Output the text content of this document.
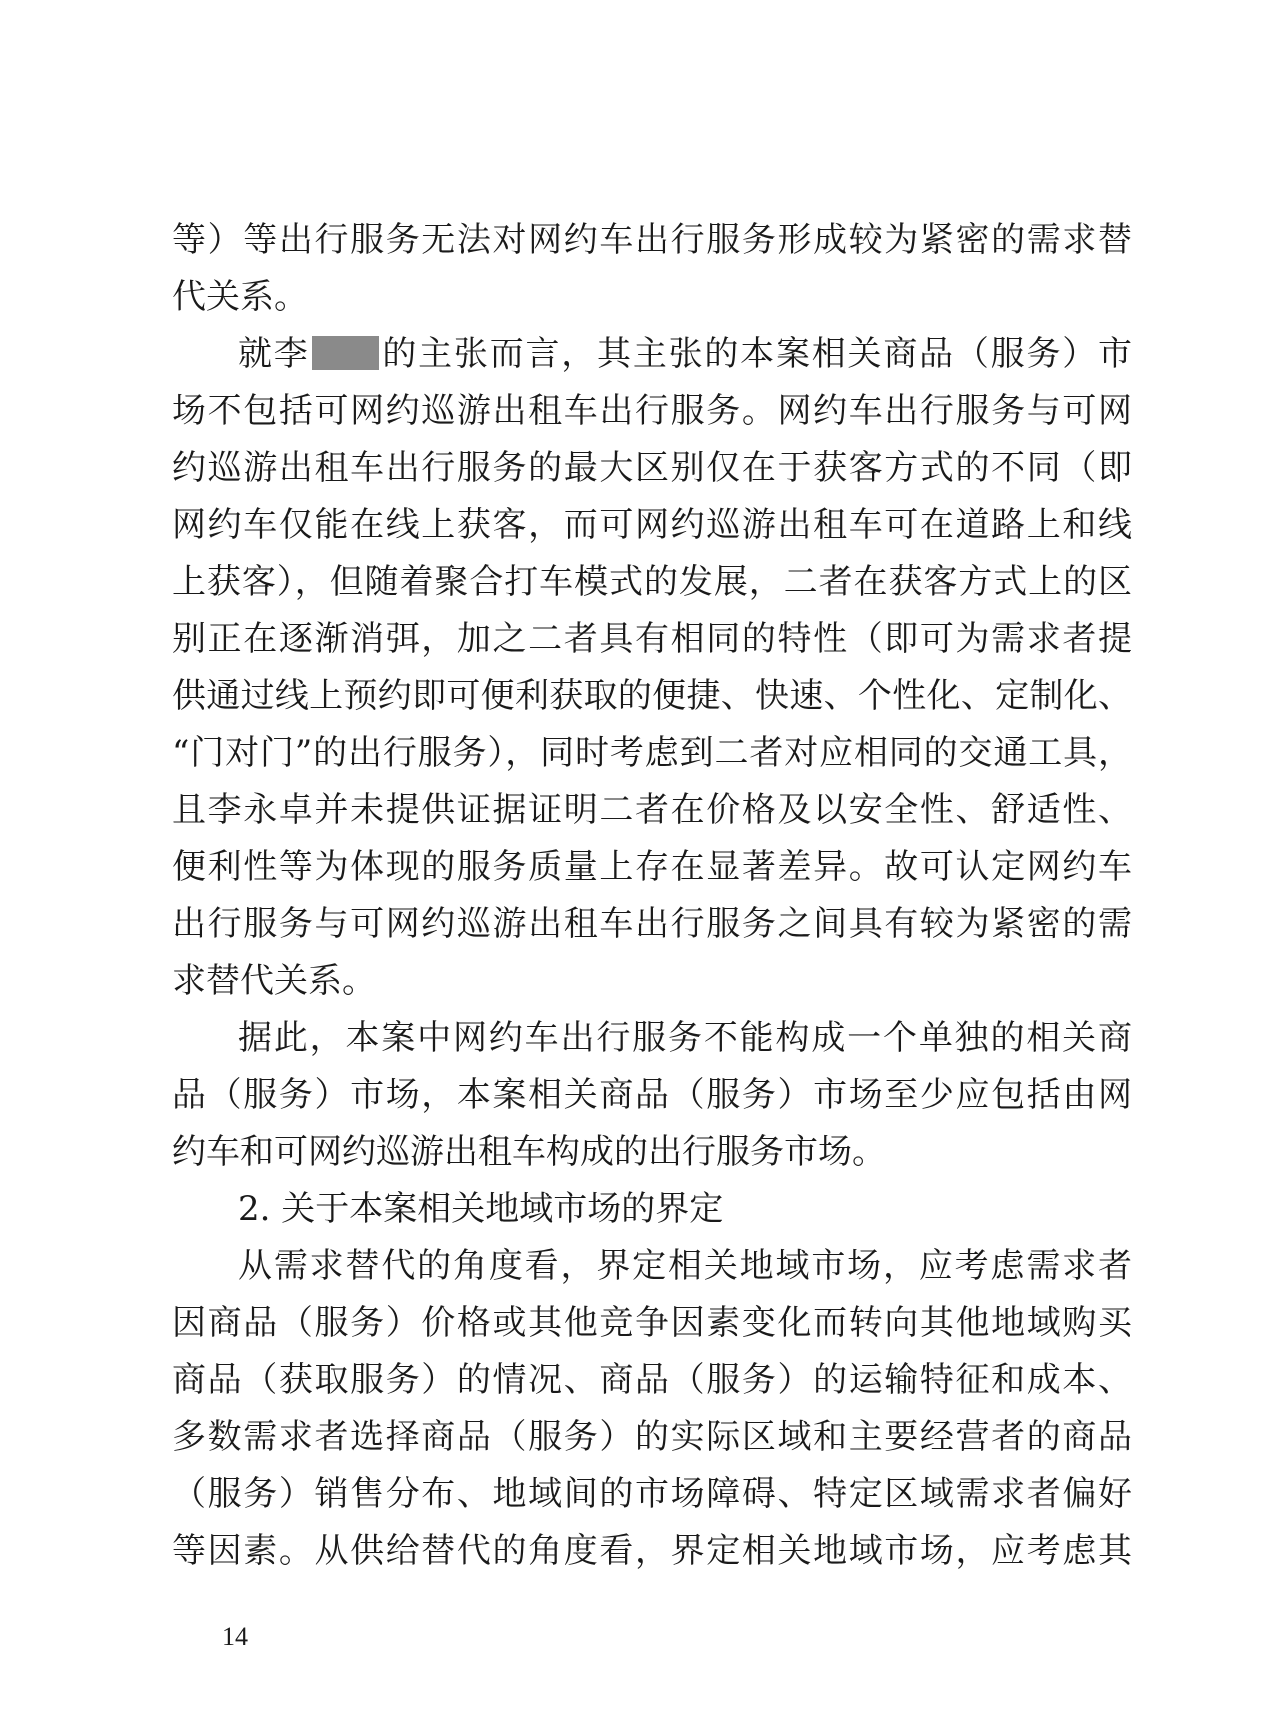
等）等出行服务无法对网约车出行服务形成较为紧密的需求替
代关系。
就李 的主张而言，其主张的本案相关商品（服务）市
场不包括可网约巡游出租车出行服务。网约车出行服务与可网
约巡游出租车出行服务的最大区别仅在于获客方式的不同（即
网约车仅能在线上获客，而可网约巡游出租车可在道路上和线
上获客），但随着聚合打车模式的发展，二者在获客方式上的区
别正在逐渐消弭，加之二者具有相同的特性（即可为需求者提
供通过线上预约即可便利获取的便捷、快速、个性化、定制化、
“门对门”的出行服务），同时考虑到二者对应相同的交通工具，
且李永卓并未提供证据证明二者在价格及以安全性、舒适性、
便利性等为体现的服务质量上存在显著差异。故可认定网约车
出行服务与可网约巡游出租车出行服务之间具有较为紧密的需
求替代关系。
据此，本案中网约车出行服务不能构成一个单独的相关商
品（服务）市场，本案相关商品（服务）市场至少应包括由网
约车和可网约巡游出租车构成的出行服务市场。
2. 关于本案相关地域市场的界定
从需求替代的角度看，界定相关地域市场，应考虑需求者
因商品（服务）价格或其他竞争因素变化而转向其他地域购买
商品（获取服务）的情况、商品（服务）的运输特征和成本、
多数需求者选择商品（服务）的实际区域和主要经营者的商品
（服务）销售分布、地域间的市场障碍、特定区域需求者偏好
等因素。从供给替代的角度看，界定相关地域市场，应考虑其
14
